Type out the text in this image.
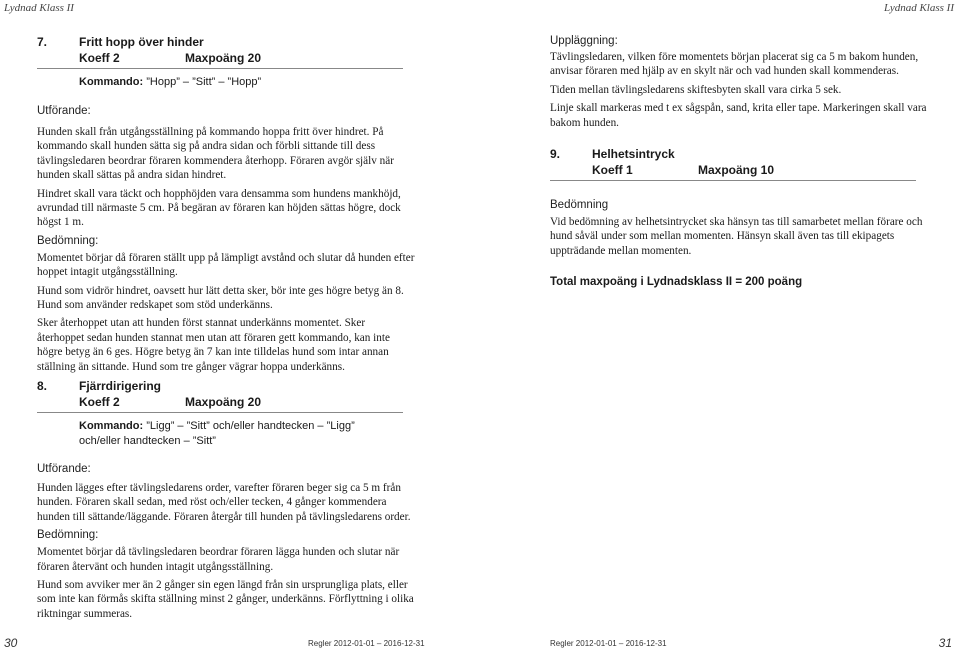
Lydnad Klass II
7.	Fritt hopp över hinder
Koeff 2	Maxpoäng 20
Kommando: ”Hopp” – ”Sitt” – ”Hopp”
Utförande:

Hunden skall från utgångsställning på kommando hoppa fritt över hindret. På kommando skall hunden sätta sig på andra sidan och förbli sittande till dess tävlingsledaren beordrar föraren kommendera återhopp. Föraren avgör själv när hunden skall sättas på andra sidan hindret.

Hindret skall vara täckt och hopphöjden vara densamma som hundens mankhöjd, avrundad till närmaste 5 cm. På begäran av föraren kan höjden sättas högre, dock högst 1 m.

Bedömning:

Momentet börjar då föraren ställt upp på lämpligt avstånd och slutar då hunden efter hoppet intagit utgångsställning.

Hund som vidrör hindret, oavsett hur lätt detta sker, bör inte ges högre betyg än 8. Hund som använder redskapet som stöd underkänns.

Sker återhoppet utan att hunden först stannat underkänns momentet. Sker återhoppet sedan hunden stannat men utan att föraren gett kommando, kan inte högre betyg än 6 ges. Högre betyg än 7 kan inte tilldelas hund som intar annan ställning än sittande. Hund som tre gånger vägrar hoppa underkänns.

8.	Fjärrdirigering
Koeff 2	Maxpoäng 20
Kommando: ”Ligg” – ”Sitt” och/eller handtecken – ”Ligg”
och/eller handtecken – ”Sitt”
Utförande:

Hunden lägges efter tävlingsledarens order, varefter föraren beger sig ca 5 m från hunden. Föraren skall sedan, med röst och/eller tecken, 4 gånger kommendera hunden till sättande/läggande. Föraren återgår till hunden på tävlingsledarens order.

Bedömning:

Momentet börjar då tävlingsledaren beordrar föraren lägga hunden och slutar när föraren återvänt och hunden intagit utgångsställning.

Hund som avviker mer än 2 gånger sin egen längd från sin ursprungliga plats, eller som inte kan förmås skifta ställning minst 2 gånger, underkänns. Förflyttning i olika riktningar summeras.

30	Regler 2012-01-01 – 2016-12-31
Lydnad Klass II
Uppläggning:

Tävlingsledaren, vilken före momentets början placerat sig ca 5 m bakom hunden, anvisar föraren med hjälp av en skylt när och vad hunden skall kommenderas.

Tiden mellan tävlingsledarens skiftesbyten skall vara cirka 5 sek.

Linje skall markeras med t ex sågspån, sand, krita eller tape. Markeringen skall vara bakom hunden.

9.	Helhetsintryck
Koeff 1	Maxpoäng 10
Bedömning

Vid bedömning av helhetsintrycket ska hänsyn tas till samarbetet mellan förare och hund såväl under som mellan momenten. Hänsyn skall även tas till ekipagets uppträdande mellan momenten.

Total maxpoäng i Lydnadsklass II = 200 poäng
Regler 2012-01-01 – 2016-12-31	31
